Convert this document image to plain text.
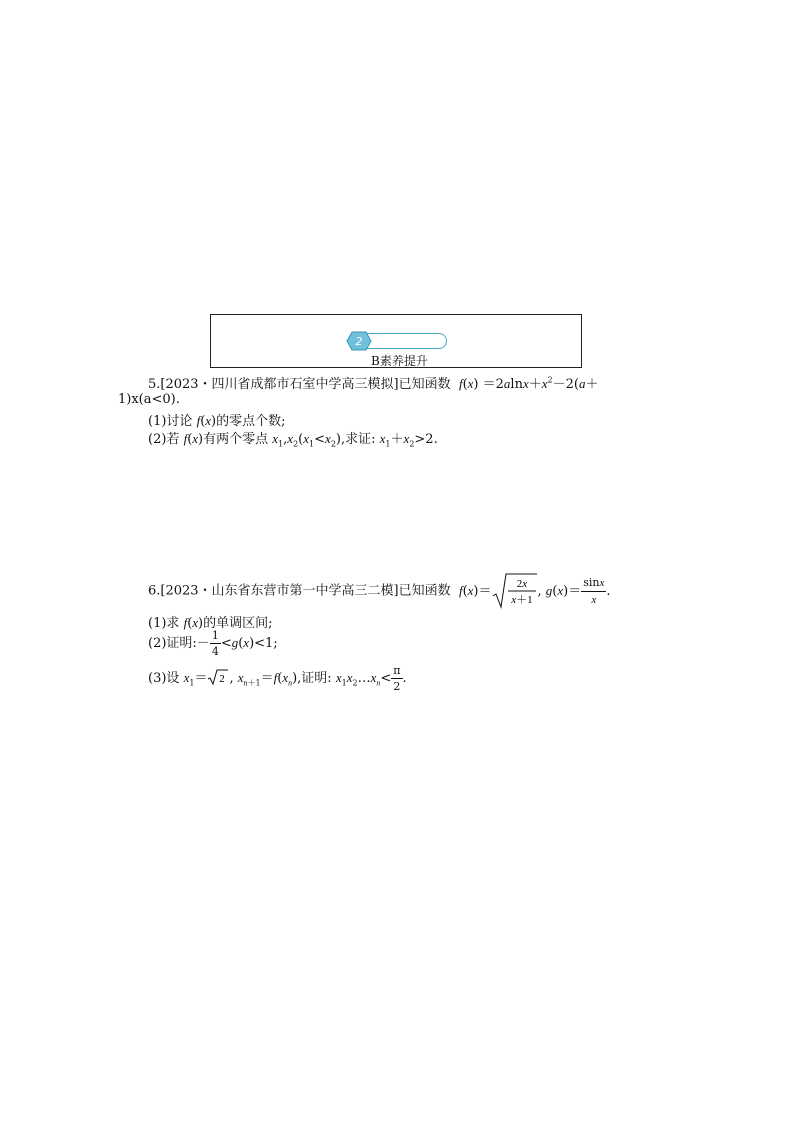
2
B素养提升
5.[2023・四川省成都市石室中学高三模拟]已知函数 $f(x) =2alnx+x^2-2(a+$
1)x(a<0).
(1)讨论 f(x)的零点个数;
(2)若 f(x)有两个零点 $x_1,x_2(x_1<x_2)$,求证: $x_1+x_2>2$.
6.[2023・山东省东营市第一中学高三二模]已知函数 f(x)＝ 2x
x＋1
, $g(x)= \frac{\sin x}{x}$ .
(1)求 f(x)的单调区间;
(2)证明:－ $\frac{1}{4} <g(x)<1$;
(3)设 $x_1= 2$ , $x_{n+1}=f(x_n)$,证明: $x_1x_2\dots x_n< \frac{\pi}{2}$ .
